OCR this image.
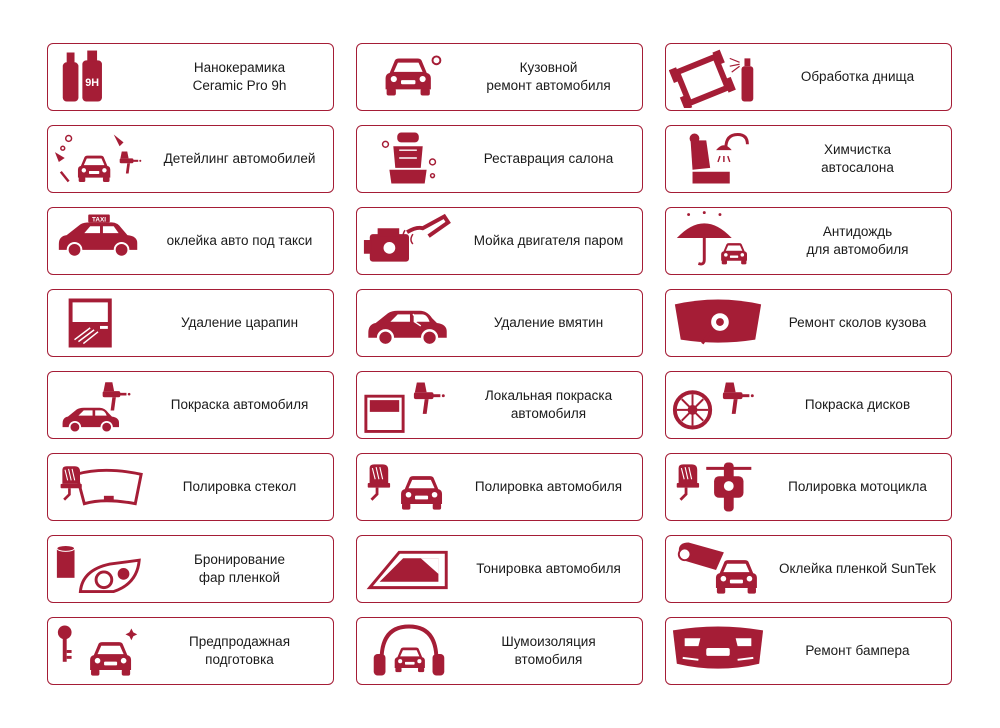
9H
Нанокерамика
Ceramic Pro 9h
Детейлинг автомобилей
TAXI
оклейка авто под такси
Удаление царапин
Покраска автомобиля
Полировка стекол
Бронирование
фар пленкой
Предпродажная
подготовка
Кузовной
ремонт автомобиля
Реставрация салона
Мойка двигателя паром
Удаление вмятин
Локальная покраска
автомобиля
Полировка автомобиля
Тонировка автомобиля
Шумоизоляция
втомобиля
Обработка днища
Химчистка
автосалона
Антидождь
для автомобиля
Ремонт сколов кузова
Покраска дисков
Полировка мотоцикла
Оклейка пленкой SunTek
Ремонт бампера
